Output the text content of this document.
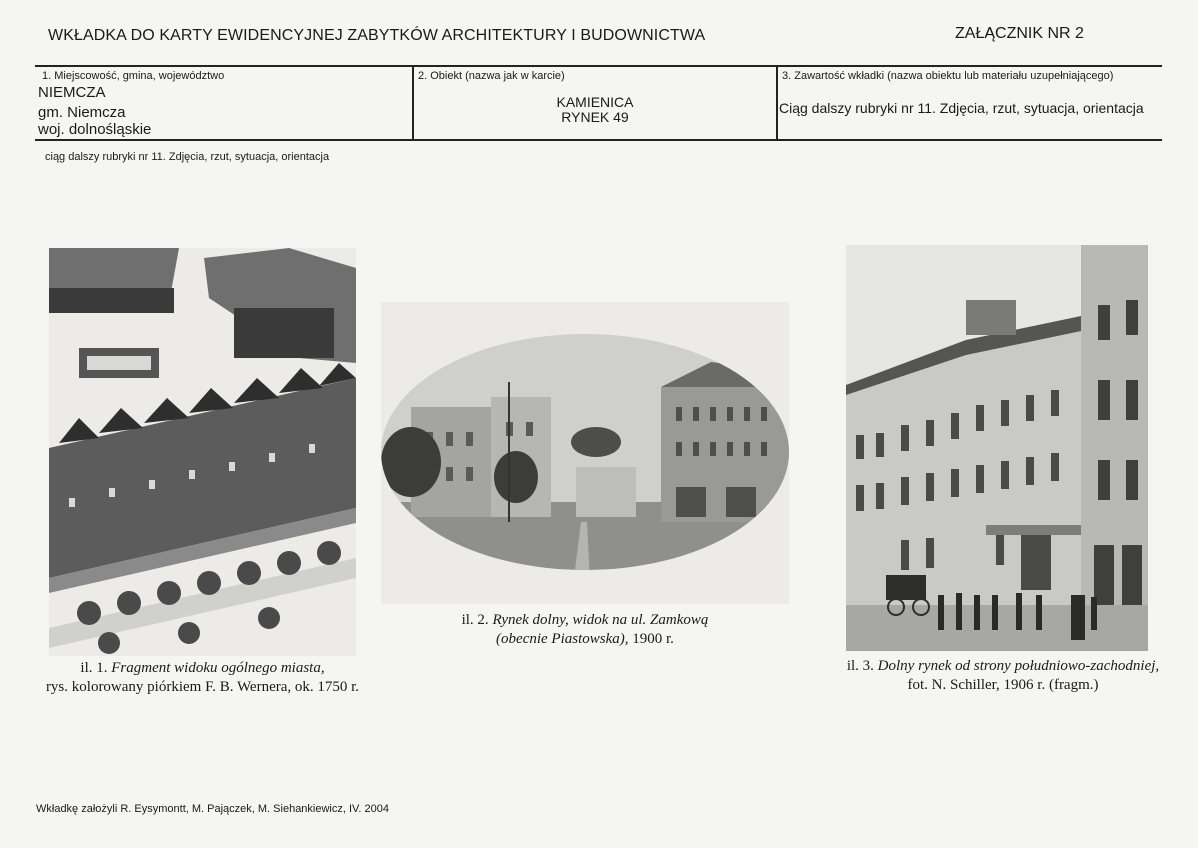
WKŁADKA DO KARTY EWIDENCYJNEJ ZABYTKÓW ARCHITEKTURY I BUDOWNICTWA	ZAŁĄCZNIK NR 2
1. Miejscowość, gmina, województwo
NIEMCZA
gm. Niemcza
woj. dolnośląskie
2. Obiekt (nazwa jak w karcie)
KAMIENICA
RYNEK 49
3. Zawartość wkładki (nazwa obiektu lub materiału uzupełniającego)
Ciąg dalszy rubryki nr 11. Zdjęcia, rzut, sytuacja, orientacja
ciąg dalszy rubryki nr 11. Zdjęcia, rzut, sytuacja, orientacja
il. 1. Fragment widoku ogólnego miasta,
rys. kolorowany piórkiem F. B. Wernera, ok. 1750 r.
il. 2. Rynek dolny, widok na ul. Zamkową
(obecnie Piastowska), 1900 r.
il. 3. Dolny rynek od strony południowo-zachodniej,
fot. N. Schiller, 1906 r. (fragm.)
Wkładkę założyli R. Eysymontt, M. Pajączek, M. Siehankiewicz, IV. 2004
